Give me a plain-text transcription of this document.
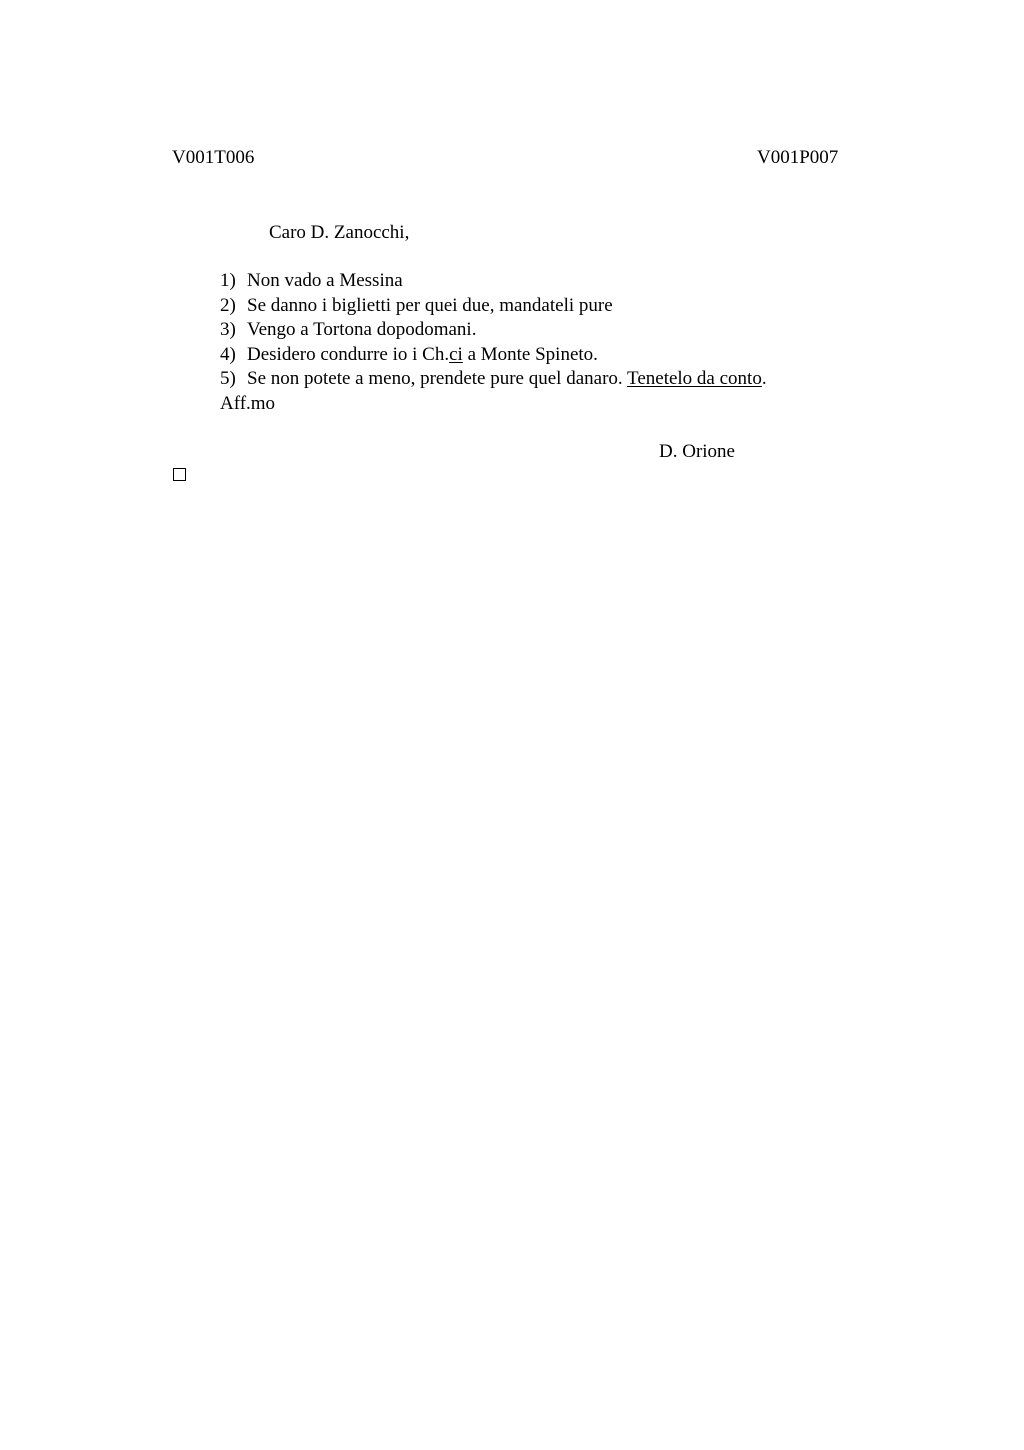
V001T006	V001P007
Caro D. Zanocchi,
1) Non vado a Messina
2) Se danno i biglietti per quei due, mandateli pure
3) Vengo a Tortona dopodomani.
4) Desidero condurre io i Ch.ci a Monte Spineto.
5) Se non potete a meno, prendete pure quel danaro. Tenetelo da conto.
Aff.mo
D. Orione
